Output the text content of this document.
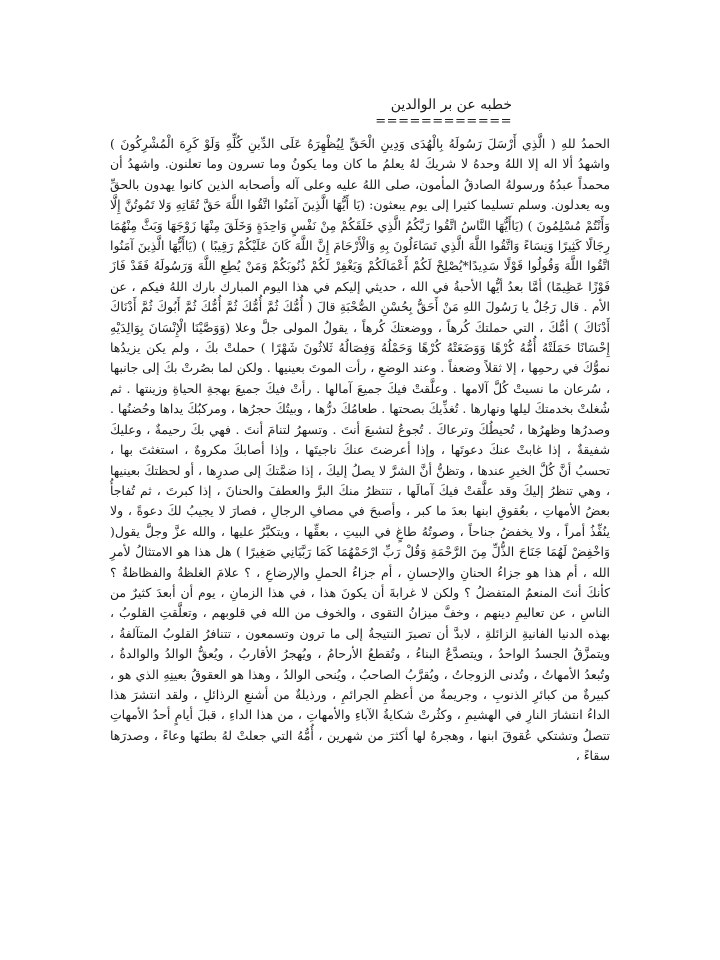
خطبه عن بر الوالدين
============

الحمدُ للهِ ( الَّذِي أَرْسَلَ رَسُولَهُ بِالْهُدَى وَدِينِ الْحَقِّ لِيُظْهِرَهُ عَلَى الدِّينِ كُلِّهِ وَلَوْ كَرِهَ الْمُشْرِكُونَ ) واشهدُ ألا اله إلا اللهُ وحدهُ لا شريكَ لهُ يعلمُ ما كان وما يكونُ وما تسرون وما تعلنون. واشهدُ أن محمداً عبدُهُ ورسولهُ الصادقُ المأمون، صلى اللهُ عليه وعلى آله وأصحابه الذين كانوا يهدون بالحقِّ وبه يعدلون. وسلم تسليما كثيرا إلى يوم يبعثون: (يَا أَيُّهَا الَّذِينَ آمَنُوا اتَّقُوا اللَّهَ حَقَّ تُقَاتِهِ وَلا تَمُوتُنَّ إِلَّا وَأَنْتُمْ مُسْلِمُونَ ) (يَاأَيُّهَا النَّاسُ اتَّقُوا رَبَّكُمُ الَّذِي خَلَقَكُمْ مِنْ نَفْسٍ وَاحِدَةٍ وَخَلَقَ مِنْهَا زَوْجَهَا وَبَثَّ مِنْهُمَا رِجَالًا كَثِيرًا وَنِسَاءً وَاتَّقُوا اللَّهَ الَّذِي تَسَاءَلُونَ بِهِ وَالْأَرْحَامَ إِنَّ اللَّهَ كَانَ عَلَيْكُمْ رَقِيبًا ) (يَاأَيُّهَا الَّذِينَ آمَنُوا اتَّقُوا اللَّهَ وَقُولُوا قَوْلًا سَدِيدًا*يُصْلِحْ لَكُمْ أَعْمَالَكُمْ وَيَغْفِرْ لَكُمْ ذُنُوبَكُمْ وَمَنْ يُطِعِ اللَّهَ وَرَسُولَهُ فَقَدْ فَازَ فَوْزًا عَظِيمًا) أمَّا بعدُ أيُّها الأحبةُ في الله ، حديثي إليكم في هذا اليوم المبارك بارك اللهُ فيكم ، عن الأم . قال رَجُلٌ يا رَسُولَ اللهِ مَنْ أَحَقُّ بِحُسْنِ الصُّحْبَةِ قالَ ( أُمُّكَ ثُمَّ أُمُّكَ ثُمَّ أُمُّكَ ثُمَّ أَبُوكَ ثُمَّ أَدْنَاكَ أَدْنَاكَ ) أمُّكَ ، التي حملتكَ كُرهاً ، ووضعتكَ كُرهاً ، يقولُ المولى جلَّ وعلا (وَوَصَّيْنَا الْإِنْسَانَ بِوَالِدَيْهِ إِحْسَانًا حَمَلَتْهُ أُمُّهُ كُرْهًا وَوَضَعَتْهُ كُرْهًا وَحَمْلُهُ وَفِصَالُهُ ثَلاثُونَ شَهْرًا ) حملتْ بكَ ، ولم يكن يزيدُها نموُّكَ في رحمِها ، إلا ثقلاً وضعفاً . وعند الوضعِ ، رأت الموتَ بعينيها . ولكن لما بصُرتْ بكَ إلى جانبها ، سُرعان ما نسيتْ كُلَّ آلامها . وعلَّقتْ فيكَ جميعَ آمالها . رأتْ فيكَ جميعَ بهجةِ الحياةِ وزينتها . ثم شُغلتْ بخدمتكَ ليلها ونهارها . تُغذِّيكَ بصحتها . طعامُكَ درُّها ، وبيتُكَ حجرُها ، ومركبُكَ يداها وحُضنُها . وصدرُها وظهرُها ، تُحيطُكَ وترعاكَ . تُجوعُ لتشبعَ أنتَ . وتسهرُ لتنامَ أنتَ . فهي بكَ رحيمةٌ ، وعليكَ شفيقةٌ ، إذا غابتْ عنكَ دعوتَها ، وإذا أعرضتَ عنكَ ناجيتَها ، وإذا أصابكَ مكروهٌ ، استغثتَ بها ، تحسبُ أنَّ كُلَّ الخيرِ عندها ، وتظنُّ أنَّ الشرَّ لا يصلُ إليكَ ، إذا ضمَّتكَ إلى صدرِها ، أو لحظتكَ بعينيها ، وهي تنظرُ إليكَ وقد علَّقتْ فيكَ آمالَها ، تنتظرُ منكَ البرَّ والعطفَ والحنانَ ، إذا كبرتَ ، ثم تُفاجأُ بعضُ الأمهاتِ ، بعُقوقِ ابنها بعدَ ما كبر ، وأصبحَ في مصافِ الرجالِ ، فصارَ لا يجيبُ لكَ دعوةً ، ولا ينُفِّذُ أمراً ، ولا يخفضُ جناحاً ، وصوتُهُ طاغٍ في البيتِ ، بعقِّها ، ويتكبَّرُ عليها ، والله عزَّ وجلَّ يقول( وَاخْفِضْ لَهُمَا جَنَاحَ الذُّلِّ مِنَ الرَّحْمَةِ وَقُلْ رَبِّ ارْحَمْهُمَا كَمَا رَبَّيَانِي صَغِيرًا ) هل هذا هو الامتثالُ لأمرِ الله ، أم هذا هو جزاءُ الحنانِ والإحسانِ ، أم جزاءُ الحملِ والإرضاعِ ، ؟ علامَ الغلظةُ والفظاظةُ ؟ كأنكَ أنتَ المنعمُ المتفضلُ ؟ ولكن لا غرابةَ أن يكونَ هذا ، في هذا الزمانِ ، يوم أن أبعدَ كثيرٌ من الناسِ ، عن تعاليمِ دينهم ، وخفَّ ميزانُ التقوى ، والخوف من الله في قلوبهم ، وتعلَّقتِ القلوبُ ، بهذه الدنيا الفانيةِ الزائلةِ ، لابدَّ أن تصيرَ النتيجةُ إلى ما ترون وتسمعون ، تتنافرُ القلوبُ المتآلفةُ ، ويتمزَّقُ الجسدُ الواحدُ ، ويتصدَّعُ البناءُ ، وتُقطعُ الأرحامُ ، ويُهجرُ الأقاربُ ، ويُعقُّ الوالدُ والوالدةُ ، وتُبعدُ الأمهاتُ ، وتُدنى الزوجاتُ ، ويُقرَّبُ الصاحبُ ، ويُنحى الوالدُ ، وهذا هو العقوقُ بعينِهِ الذي هو ، كبيرةٌ من كبائرِ الذنوبِ ، وجريمةٌ من أعظمِ الجرائمِ ، ورذيلةٌ من أشنعِ الرذائلِ ، ولقد انتشرَ هذا الداءُ انتشارَ النارِ في الهشيمِ ، وكثُرتْ شكايةُ الآباءِ والأمهاتِ ، من هذا الداءِ ، قبلَ أيامٍ أحدُ الأمهاتِ تتصلُ وتشتكي عُقوقَ ابنها ، وهجرهُ لها أكثرَ من شهرين ، أُمُّهُ التي جعلتْ لهُ بطنَها وعاءً ، وصدرَها سقاءً ،
